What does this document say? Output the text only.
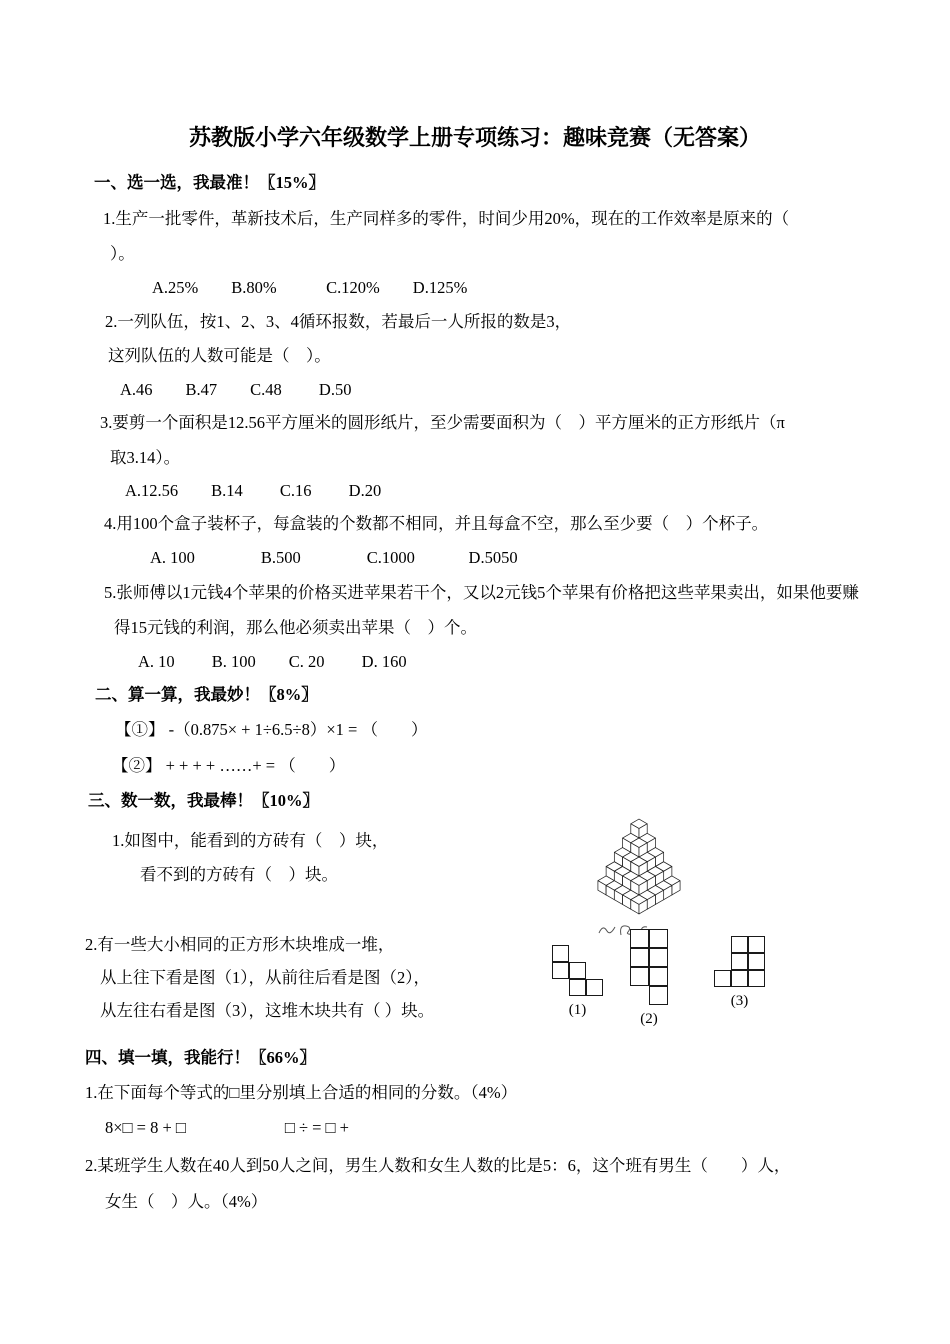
苏教版小学六年级数学上册专项练习：趣味竞赛（无答案）
一、选一选，我最准！〖15%〗
1.生产一批零件，革新技术后，生产同样多的零件，时间少用20%，现在的工作效率是原来的（
）。
A.25%　　B.80%　　　C.120%　　D.125%
2.一列队伍，按1、2、3、4循环报数，若最后一人所报的数是3，
这列队伍的人数可能是（　）。
A.46　　B.47　　C.48　　 D.50
3.要剪一个面积是12.56平方厘米的圆形纸片，至少需要面积为（　）平方厘米的正方形纸片（π
取3.14）。
A.12.56　　B.14　　 C.16　　 D.20
4.用100个盒子装杯子，每盒装的个数都不相同，并且每盒不空，那么至少要（　）个杯子。
A. 100　　　　B.500　　　　C.1000　　　 D.5050
5.张师傅以1元钱4个苹果的价格买进苹果若干个，又以2元钱5个苹果有价格把这些苹果卖出，如果他要赚
得15元钱的利润，那么他必须卖出苹果（　）个。
A. 10　　 B. 100　　C. 20　　 D. 160
二、算一算，我最妙！〖8%〗
【①】 -（0.875× + 1÷6.5÷8）×1 = （　　）
【②】 + + + + ……+ = （　　）
三、数一数，我最棒！〖10%〗
1.如图中，能看到的方砖有（　）块，
看不到的方砖有（　）块。
2.有一些大小相同的正方形木块堆成一堆，
从上往下看是图（1），从前往后看是图（2），
从左往右看是图（3），这堆木块共有（ ）块。
四、填一填，我能行！〖66%〗
1.在下面每个等式的□里分别填上合适的相同的分数。（4%）
8×□ = 8 + □　　　　　　□ ÷ = □ +
2.某班学生人数在40人到50人之间，男生人数和女生人数的比是5：6，这个班有男生（　　）人，
女生（　）人。（4%）
(1)
(2)
(3)
